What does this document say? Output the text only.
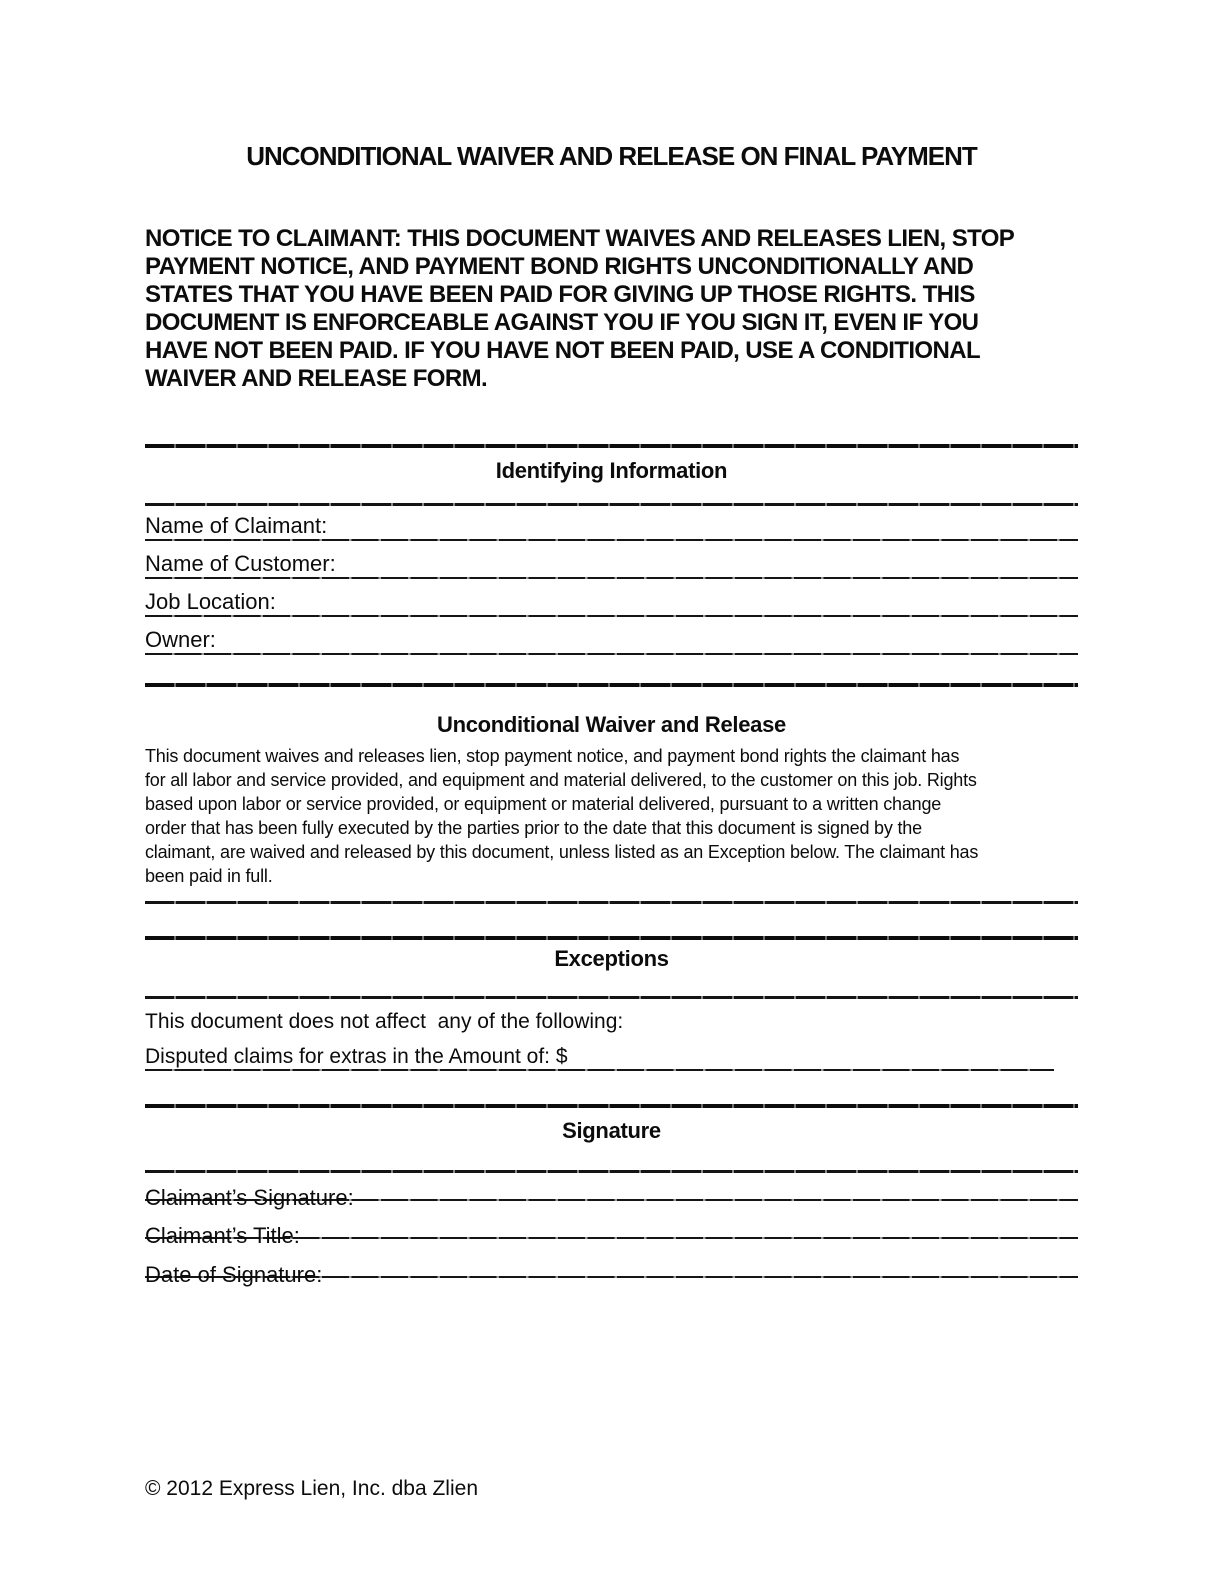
UNCONDITIONAL WAIVER AND RELEASE ON FINAL PAYMENT
NOTICE TO CLAIMANT: THIS DOCUMENT WAIVES AND RELEASES LIEN, STOP
PAYMENT NOTICE, AND PAYMENT BOND RIGHTS UNCONDITIONALLY AND
STATES THAT YOU HAVE BEEN PAID FOR GIVING UP THOSE RIGHTS. THIS
DOCUMENT IS ENFORCEABLE AGAINST YOU IF YOU SIGN IT, EVEN IF YOU
HAVE NOT BEEN PAID. IF YOU HAVE NOT BEEN PAID, USE A CONDITIONAL
WAIVER AND RELEASE FORM.
Identifying Information
Name of Claimant:
Name of Customer:
Job Location:
Owner:
Unconditional Waiver and Release
This document waives and releases lien, stop payment notice, and payment bond rights the claimant has
for all labor and service provided, and equipment and material delivered, to the customer on this job. Rights
based upon labor or service provided, or equipment or material delivered, pursuant to a written change
order that has been fully executed by the parties prior to the date that this document is signed by the
claimant, are waived and released by this document, unless listed as an Exception below. The claimant has
been paid in full.
Exceptions
This document does not affect  any of the following:
Disputed claims for extras in the Amount of: $
Signature
Claimant’s Signature:
Claimant’s Title:
Date of Signature:
© 2012 Express Lien, Inc. dba Zlien
